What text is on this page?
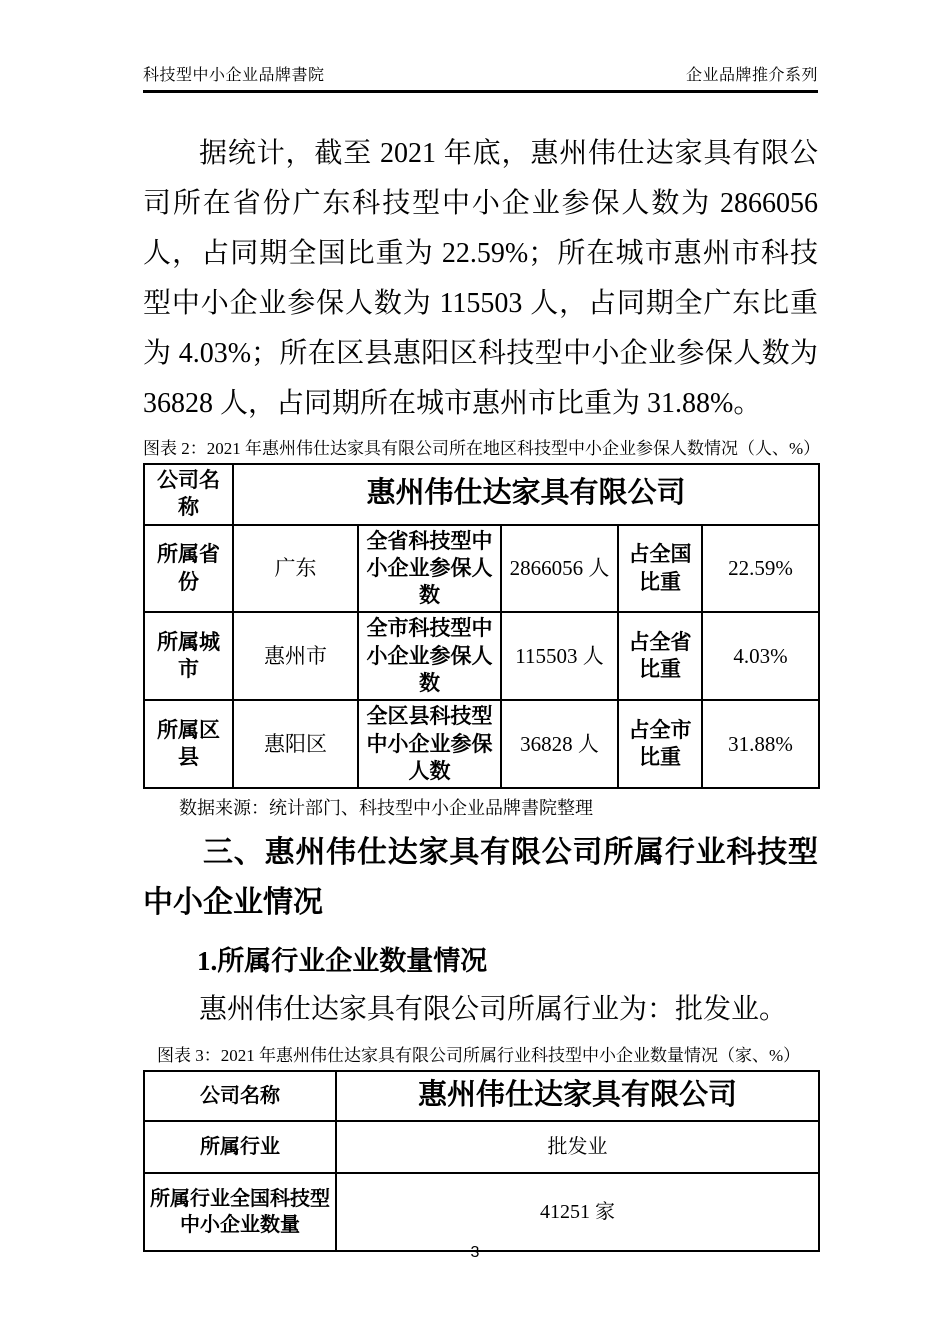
科技型中小企业品牌書院	企业品牌推介系列

据统计，截至 2021 年底，惠州伟仕达家具有限公司所在省份广东科技型中小企业参保人数为 2866056 人，占同期全国比重为 22.59%；所在城市惠州市科技型中小企业参保人数为 115503 人，占同期全广东比重为 4.03%；所在区县惠阳区科技型中小企业参保人数为 36828 人，占同期所在城市惠州市比重为 31.88%。

图表 2：2021 年惠州伟仕达家具有限公司所在地区科技型中小企业参保人数情况（人、%）
公司名称	惠州伟仕达家具有限公司				
所属省份	广东	全省科技型中小企业参保人数	2866056 人	占全国比重	22.59%
所属城市	惠州市	全市科技型中小企业参保人数	115503 人	占全省比重	4.03%
所属区县	惠阳区	全区县科技型中小企业参保人数	36828 人	占全市比重	31.88%
数据来源：统计部门、科技型中小企业品牌書院整理
三、惠州伟仕达家具有限公司所属行业科技型中小企业情况
1.所属行业企业数量情况

惠州伟仕达家具有限公司所属行业为：批发业。

图表 3：2021 年惠州伟仕达家具有限公司所属行业科技型中小企业数量情况（家、%）
公司名称	惠州伟仕达家具有限公司
所属行业	批发业
所属行业全国科技型中小企业数量	41251 家
3
